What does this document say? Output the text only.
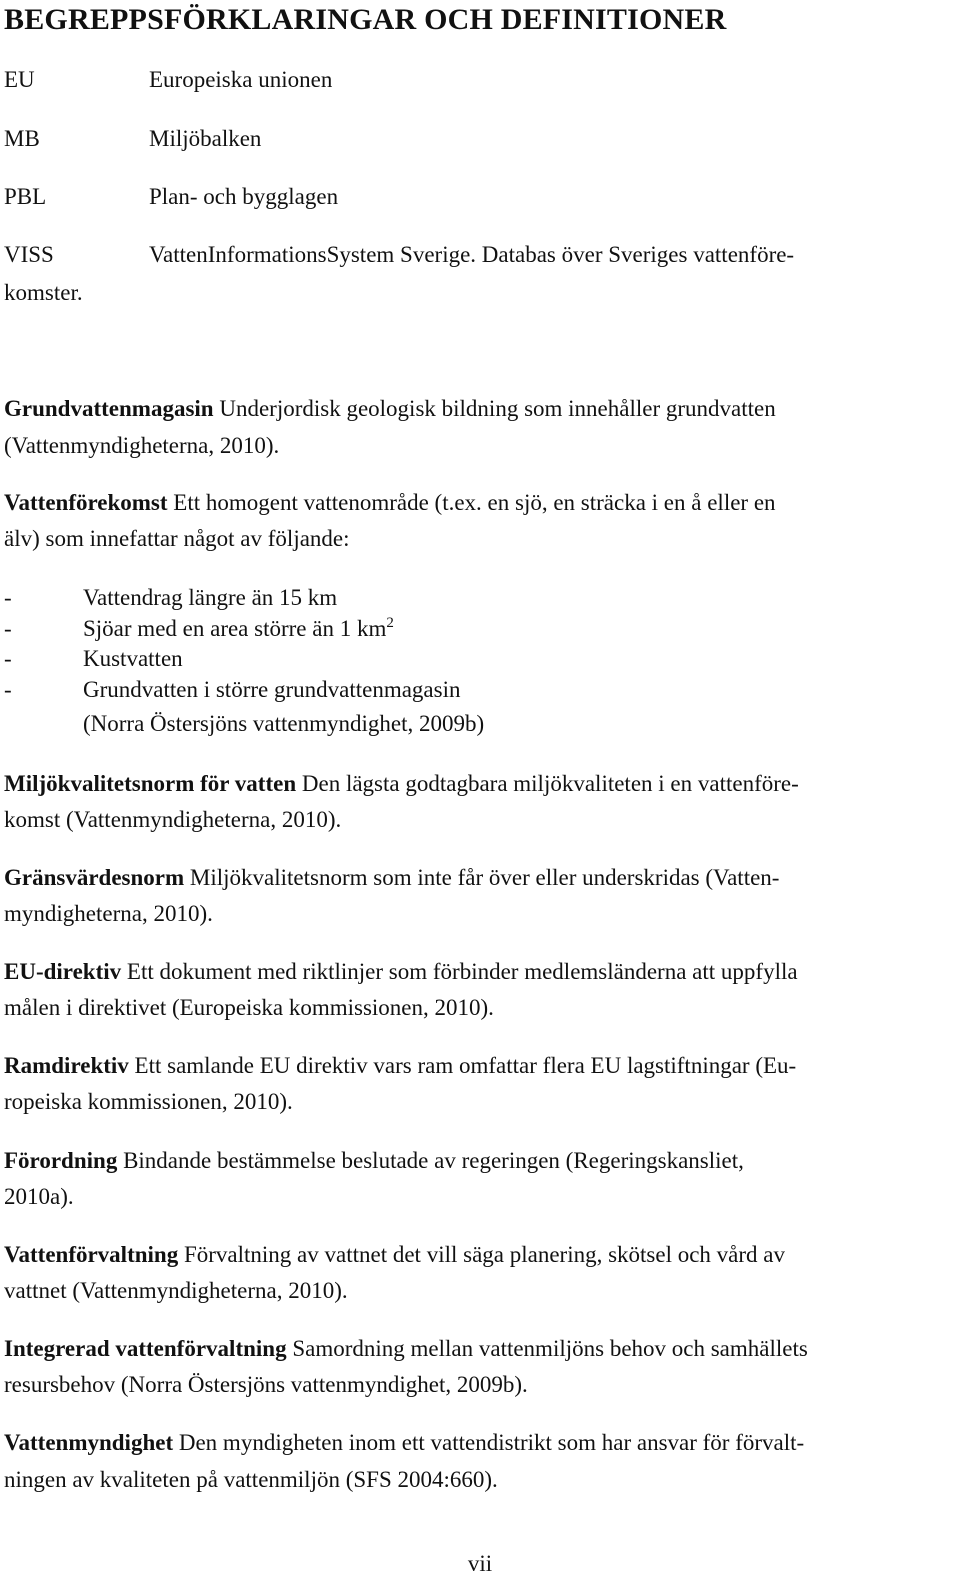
BEGREPPSFÖRKLARINGAR OCH DEFINITIONER
EU	Europeiska unionen
MB	Miljöbalken
PBL	Plan- och bygglagen
VISS	VattenInformationsSystem Sverige. Databas över Sveriges vattenföre-
komster.
Grundvattenmagasin Underjordisk geologisk bildning som innehåller grundvatten
(Vattenmyndigheterna, 2010).
Vattenförekomst Ett homogent vattenområde (t.ex. en sjö, en sträcka i en å eller en
älv) som innefattar något av följande:
-	Vattendrag längre än 15 km
-	Sjöar med en area större än 1 $km^2$
-	Kustvatten
-	Grundvatten i större grundvattenmagasin
(Norra Östersjöns vattenmyndighet, 2009b)
Miljökvalitetsnorm för vatten Den lägsta godtagbara miljökvaliteten i en vattenföre-
komst (Vattenmyndigheterna, 2010).
Gränsvärdesnorm Miljökvalitetsnorm som inte får över eller underskridas (Vatten-
myndigheterna, 2010).
EU-direktiv Ett dokument med riktlinjer som förbinder medlemsländerna att uppfylla
målen i direktivet (Europeiska kommissionen, 2010).
Ramdirektiv Ett samlande EU direktiv vars ram omfattar flera EU lagstiftningar (Eu-
ropeiska kommissionen, 2010).
Förordning Bindande bestämmelse beslutade av regeringen (Regeringskansliet,
2010a).
Vattenförvaltning Förvaltning av vattnet det vill säga planering, skötsel och vård av
vattnet (Vattenmyndigheterna, 2010).
Integrerad vattenförvaltning Samordning mellan vattenmiljöns behov och samhällets
resursbehov (Norra Östersjöns vattenmyndighet, 2009b).
Vattenmyndighet Den myndigheten inom ett vattendistrikt som har ansvar för förvalt-
ningen av kvaliteten på vattenmiljön (SFS 2004:660).
vii
